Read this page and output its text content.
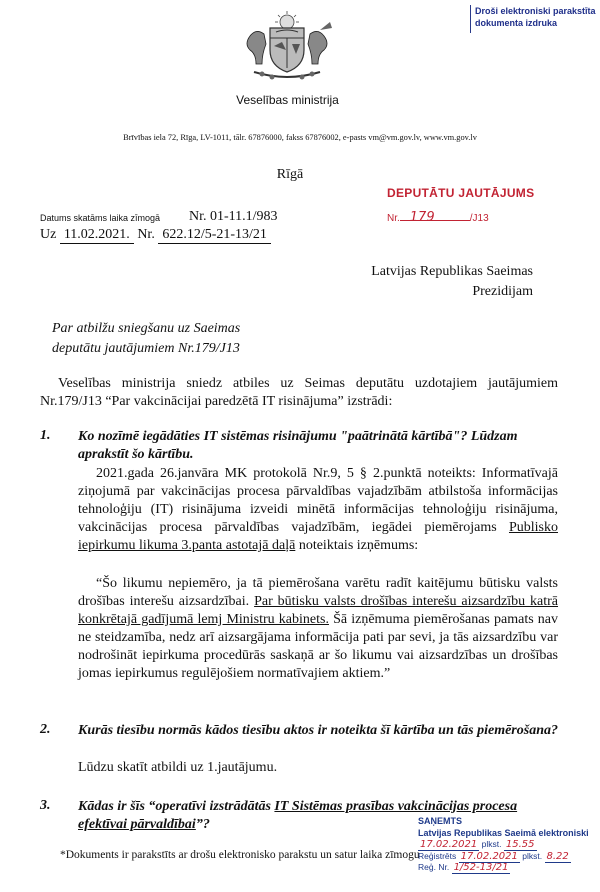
Droši elektroniski parakstīta
dokumenta izdruka
Veselības ministrija
Brīvības iela 72, Rīga, LV-1011, tālr. 67876000, fakss 67876002, e-pasts vm@vm.gov.lv, www.vm.gov.lv
Rīgā
DEPUTĀTU JAUTĀJUMS
Nr. 179	/J13
Datums skatāms laika zīmogā Nr. 01-11.1/983
Uz 11.02.2021. Nr. 622.12/5-21-13/21
Latvijas Republikas Saeimas
Prezidijam
Par atbilžu sniegšanu uz Saeimas
deputātu jautājumiem Nr.179/J13
Veselības ministrija sniedz atbiles uz Seimas deputātu uzdotajiem jautājumiem Nr.179/J13 “Par vakcinācijai paredzētā IT risinājuma” izstrādi:
1. Ko nozīmē iegādāties IT sistēmas risinājumu "paātrinātā kārtībā"? Lūdzam aprakstīt šo kārtību.
2021.gada 26.janvāra MK protokolā Nr.9, 5 § 2.punktā noteikts: Informatīvajā ziņojumā par vakcinācijas procesa pārvaldības vajadzībām atbilstoša informācijas tehnoloģiju (IT) risinājuma izveidi minētā informācijas tehnoloģiju risinājuma, vakcinācijas procesa pārvaldības vajadzībām, iegādei piemērojams Publisko iepirkumu likuma 3.panta astotajā daļā noteiktais izņēmums:
“Šo likumu nepiemēro, ja tā piemērošana varētu radīt kaitējumu būtisku valsts drošības interešu aizsardzībai. Par būtisku valsts drošības interešu aizsardzību katrā konkrētajā gadījumā lemj Ministru kabinets. Šā izņēmuma piemērošanas pamats nav ne steidzamība, nedz arī aizsargājama informācija pati par sevi, ja tās aizsardzību var nodrošināt iepirkuma procedūrās saskaņā ar šo likumu vai aizsardzības un drošības jomas iepirkumus regulējošiem normatīvajiem aktiem.”
2. Kurās tiesību normās kādos tiesību aktos ir noteikta šī kārtība un tās piemērošana?
Lūdzu skatīt atbildi uz 1.jautājumu.
3. Kādas ir šīs “operatīvi izstrādātās IT Sistēmas prasības vakcinācijas procesa efektīvai pārvaldībai”?
*Dokuments ir parakstīts ar drošu elektronisko parakstu un satur laika zīmogu
SAŅEMTS
Latvijas Republikas Saeimā elektroniski
17.02.2021 plkst. 15.55
Reģistrēts 17.02.2021 plkst. 8.22
Reģ. Nr. 1/52-13/21
